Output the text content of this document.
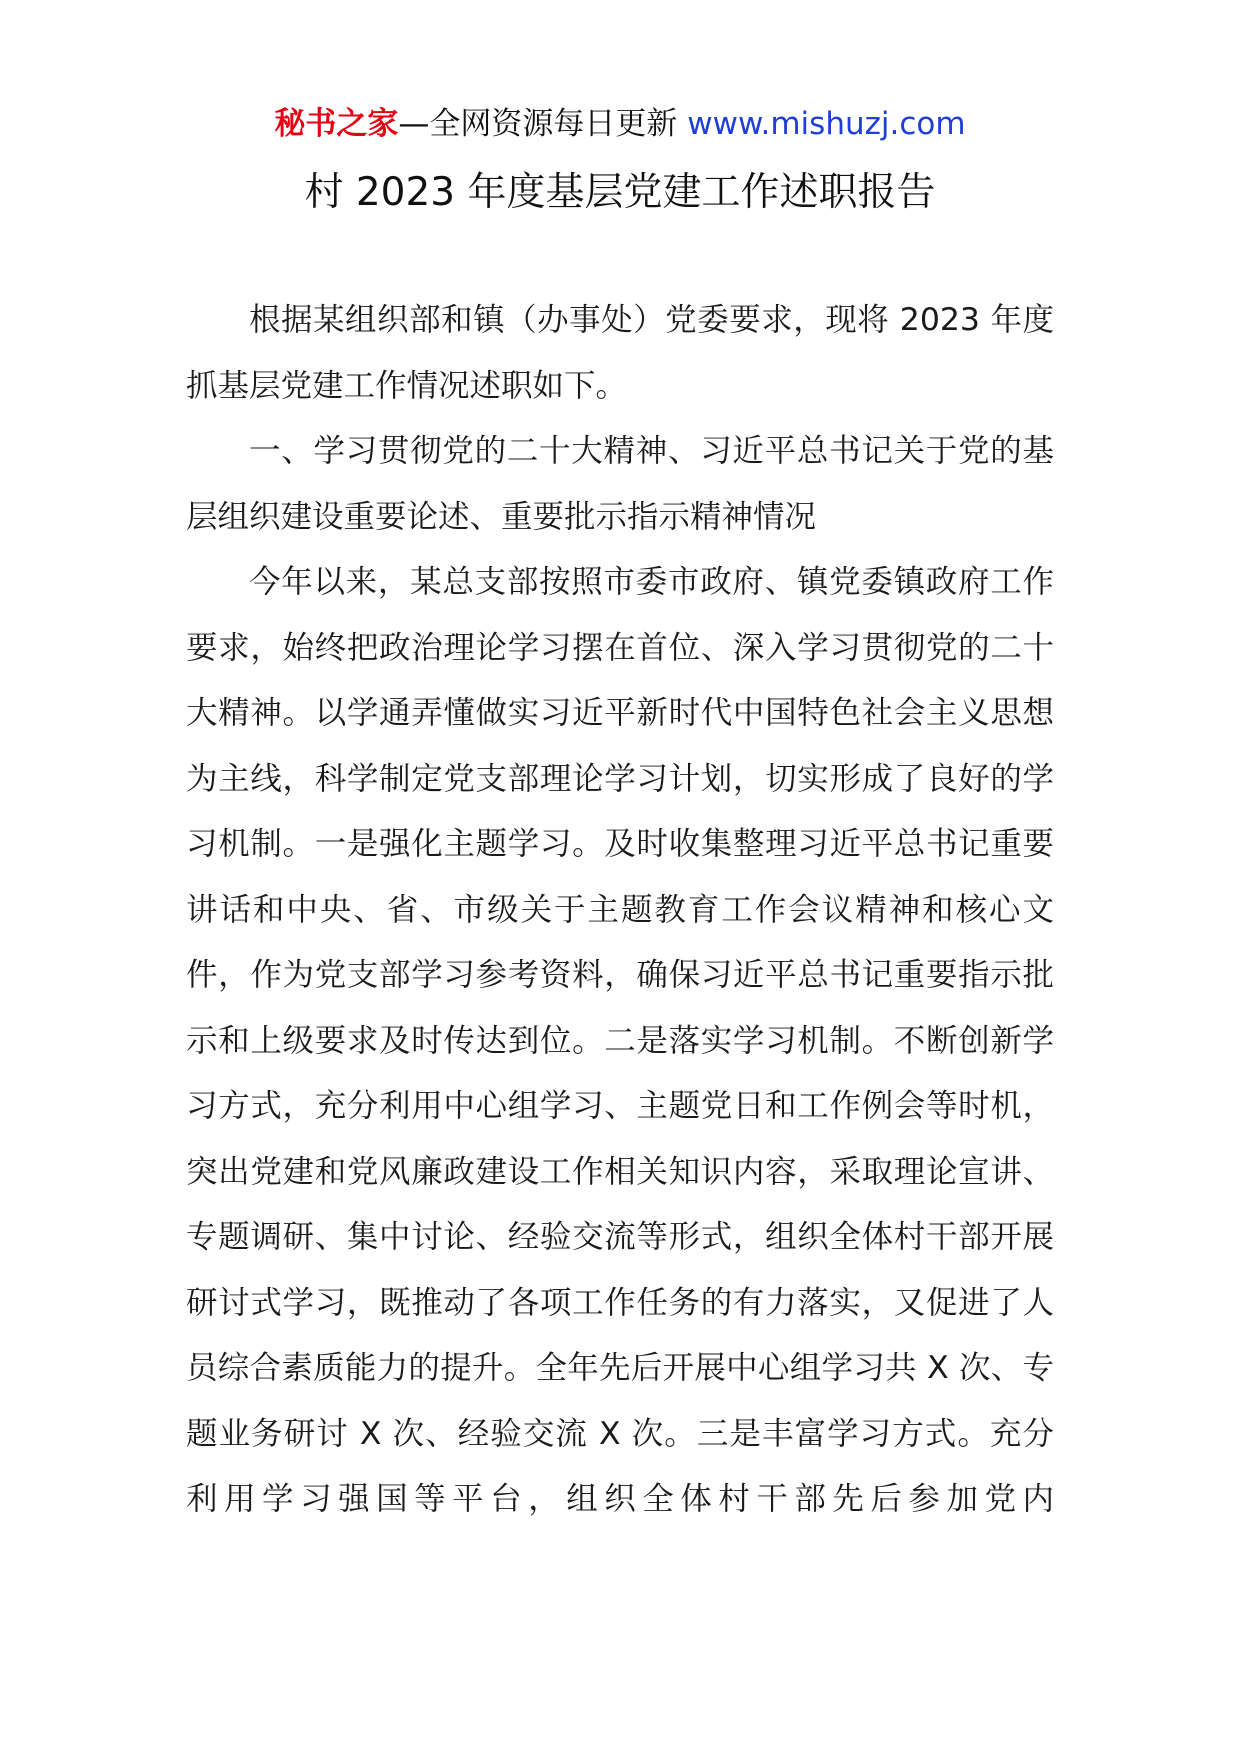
秘书之家—全网资源每日更新 www.mishuzj.com
村 2023 年度基层党建工作述职报告

根据某组织部和镇（办事处）党委要求，现将 2023 年度抓基层党建工作情况述职如下。

一、学习贯彻党的二十大精神、习近平总书记关于党的基层组织建设重要论述、重要批示指示精神情况

今年以来，某总支部按照市委市政府、镇党委镇政府工作要求，始终把政治理论学习摆在首位、深入学习贯彻党的二十大精神。以学通弄懂做实习近平新时代中国特色社会主义思想为主线，科学制定党支部理论学习计划，切实形成了良好的学习机制。一是强化主题学习。及时收集整理习近平总书记重要讲话和中央、省、市级关于主题教育工作会议精神和核心文件，作为党支部学习参考资料，确保习近平总书记重要指示批示和上级要求及时传达到位。二是落实学习机制。不断创新学习方式，充分利用中心组学习、主题党日和工作例会等时机，突出党建和党风廉政建设工作相关知识内容，采取理论宣讲、专题调研、集中讨论、经验交流等形式，组织全体村干部开展研讨式学习，既推动了各项工作任务的有力落实，又促进了人员综合素质能力的提升。全年先后开展中心组学习共 X 次、专题业务研讨 X 次、经验交流 X 次。三是丰富学习方式。充分利用学习强国等平台，组织全体村干部先后参加党内
